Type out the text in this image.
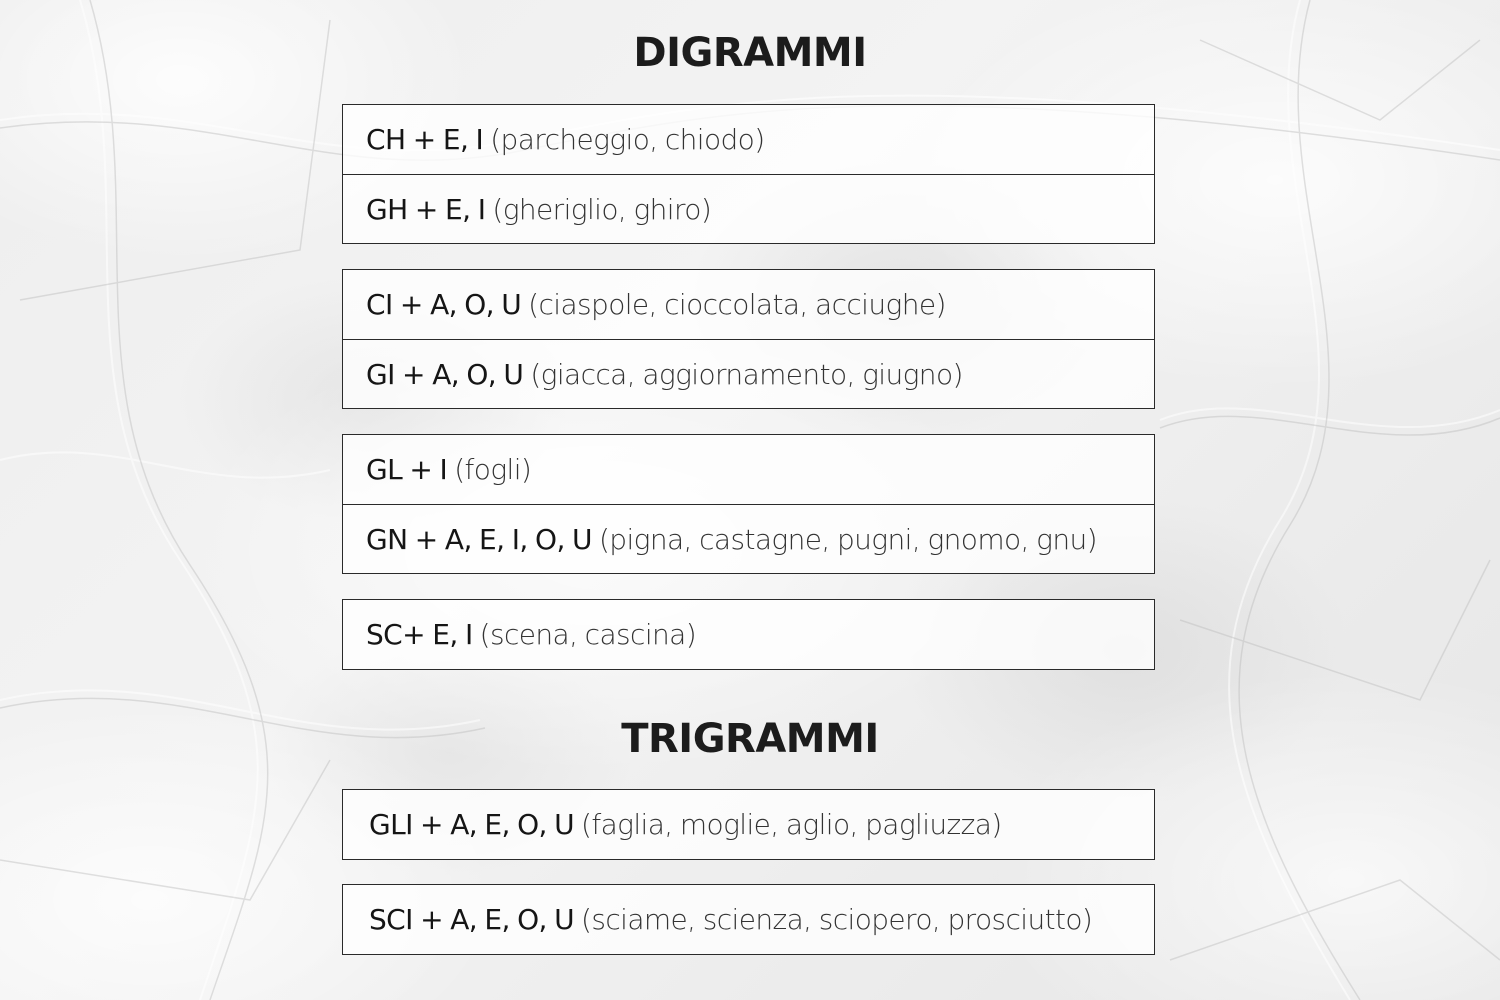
DIGRAMMI
CH + E, I (parcheggio, chiodo)
GH + E, I (gheriglio, ghiro)
CI + A, O, U (ciaspole, cioccolata, acciughe)
GI + A, O, U (giacca, aggiornamento, giugno)
GL + I (fogli)
GN + A, E, I, O, U (pigna, castagne, pugni, gnomo, gnu)
SC+ E, I (scena, cascina)
TRIGRAMMI
GLI + A, E, O, U (faglia, moglie, aglio, pagliuzza)
SCI + A, E, O, U (sciame, scienza, sciopero, prosciutto)
